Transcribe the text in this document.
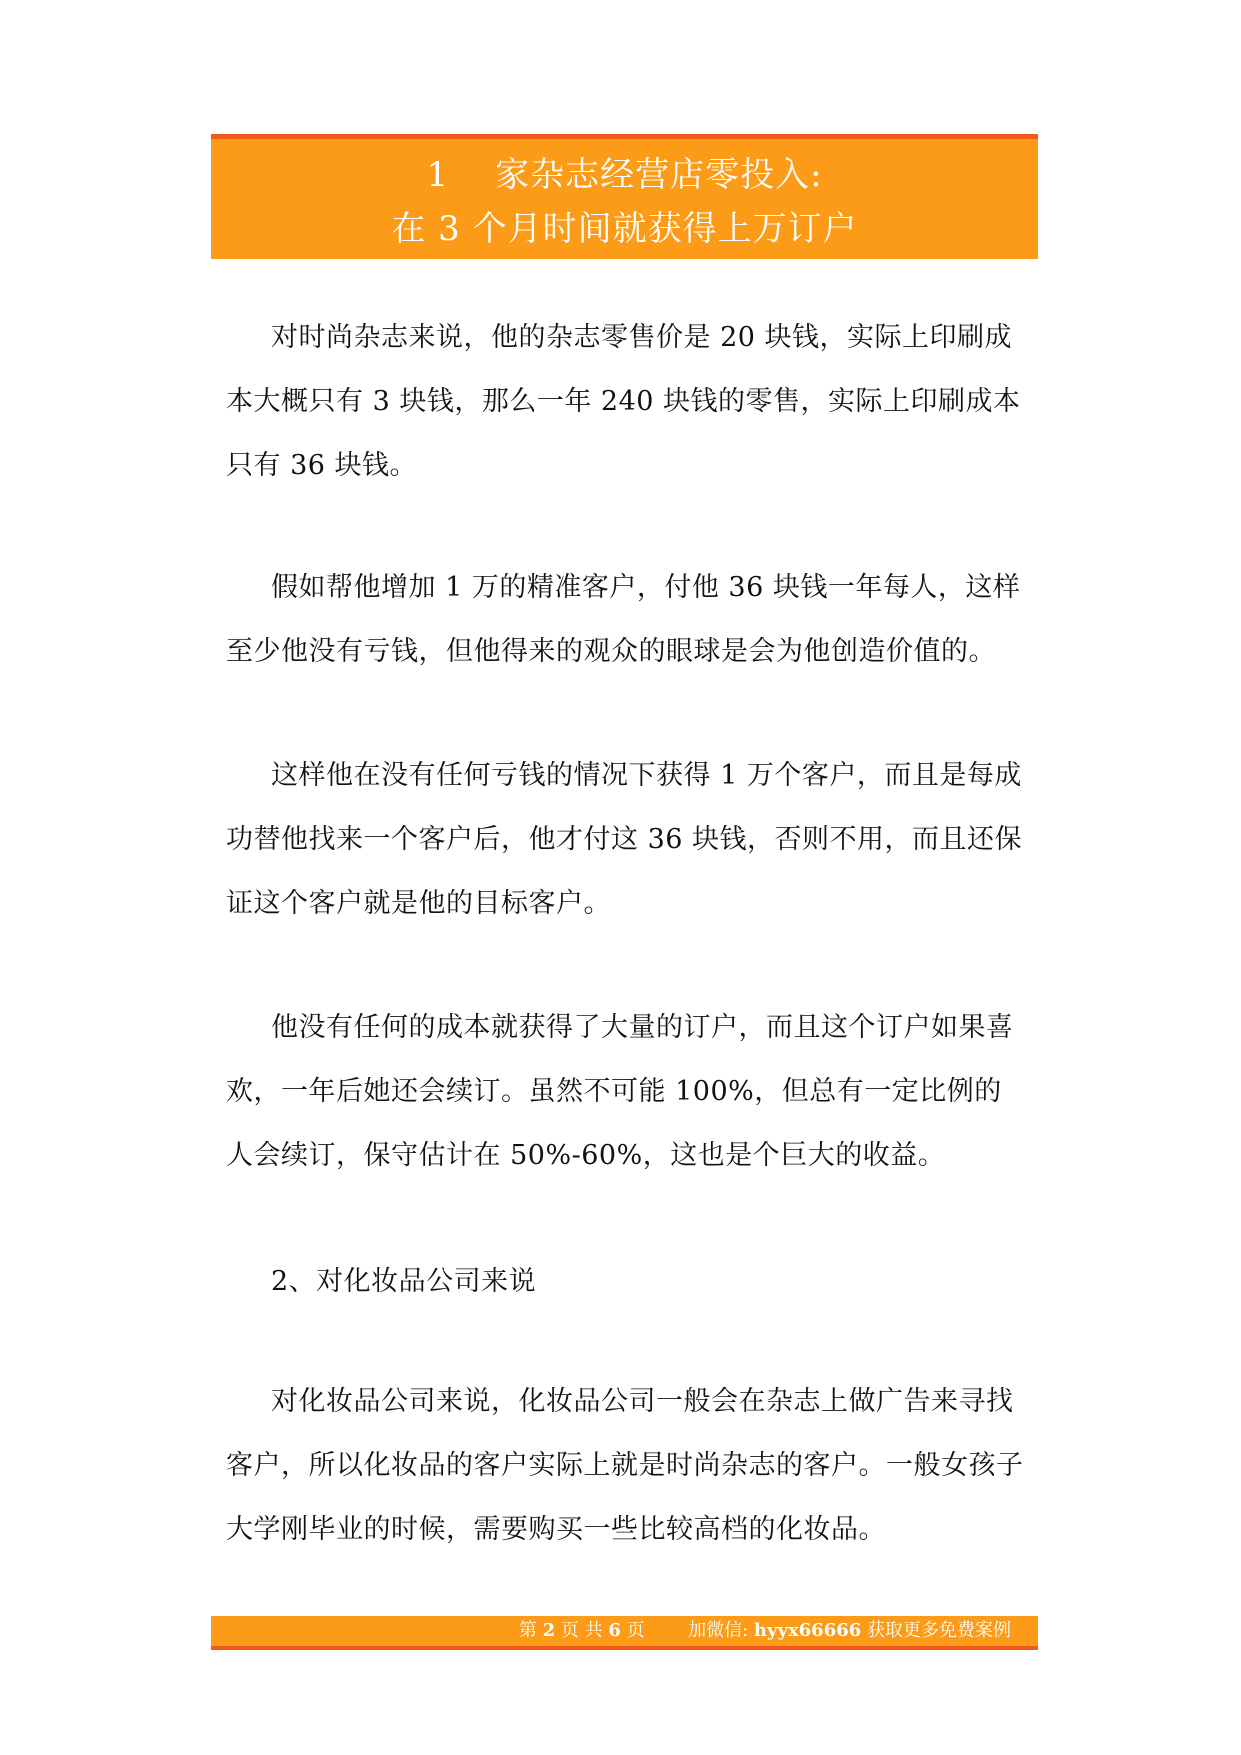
1 家杂志经营店零投入:
在 3 个月时间就获得上万订户

对时尚杂志来说，他的杂志零售价是 20 块钱，实际上印刷成本大概只有 3 块钱，那么一年 240 块钱的零售，实际上印刷成本只有 36 块钱。

假如帮他增加 1 万的精准客户，付他 36 块钱一年每人，这样至少他没有亏钱，但他得来的观众的眼球是会为他创造价值的。

这样他在没有任何亏钱的情况下获得 1 万个客户，而且是每成功替他找来一个客户后，他才付这 36 块钱，否则不用，而且还保证这个客户就是他的目标客户。

他没有任何的成本就获得了大量的订户，而且这个订户如果喜欢，一年后她还会续订。虽然不可能 100%，但总有一定比例的人会续订，保守估计在 50%-60%，这也是个巨大的收益。

2、对化妆品公司来说

对化妆品公司来说，化妆品公司一般会在杂志上做广告来寻找客户，所以化妆品的客户实际上就是时尚杂志的客户。一般女孩子大学刚毕业的时候，需要购买一些比较高档的化妆品。

第 2 页 共 6 页 加微信: hyyx66666 获取更多免费案例
